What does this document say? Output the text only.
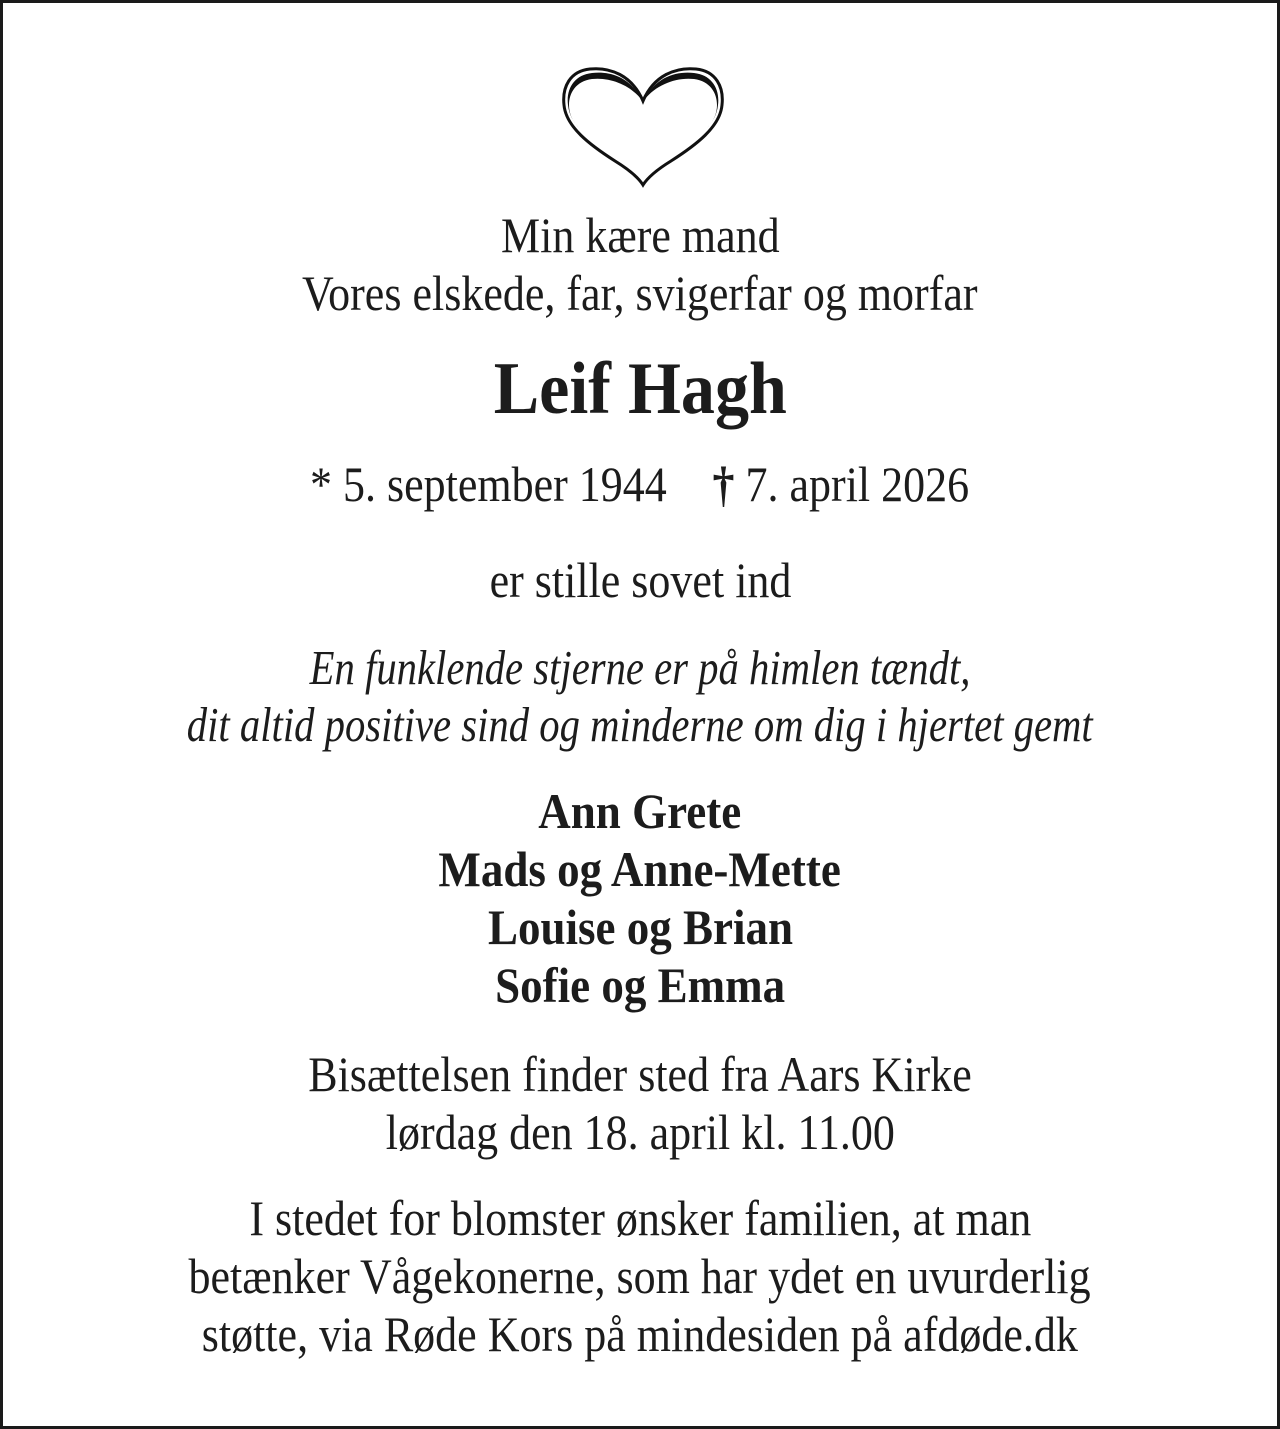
Min kære mand
Vores elskede, far, svigerfar og morfar
Leif Hagh
* 5. september 1944 † 7. april 2026
er stille sovet ind
En funklende stjerne er på himlen tændt,
dit altid positive sind og minderne om dig i hjertet gemt
Ann Grete
Mads og Anne-Mette
Louise og Brian
Sofie og Emma
Bisættelsen finder sted fra Aars Kirke
lørdag den 18. april kl. 11.00
I stedet for blomster ønsker familien, at man
betænker Vågekonerne, som har ydet en uvurderlig
støtte, via Røde Kors på mindesiden på afdøde.dk
